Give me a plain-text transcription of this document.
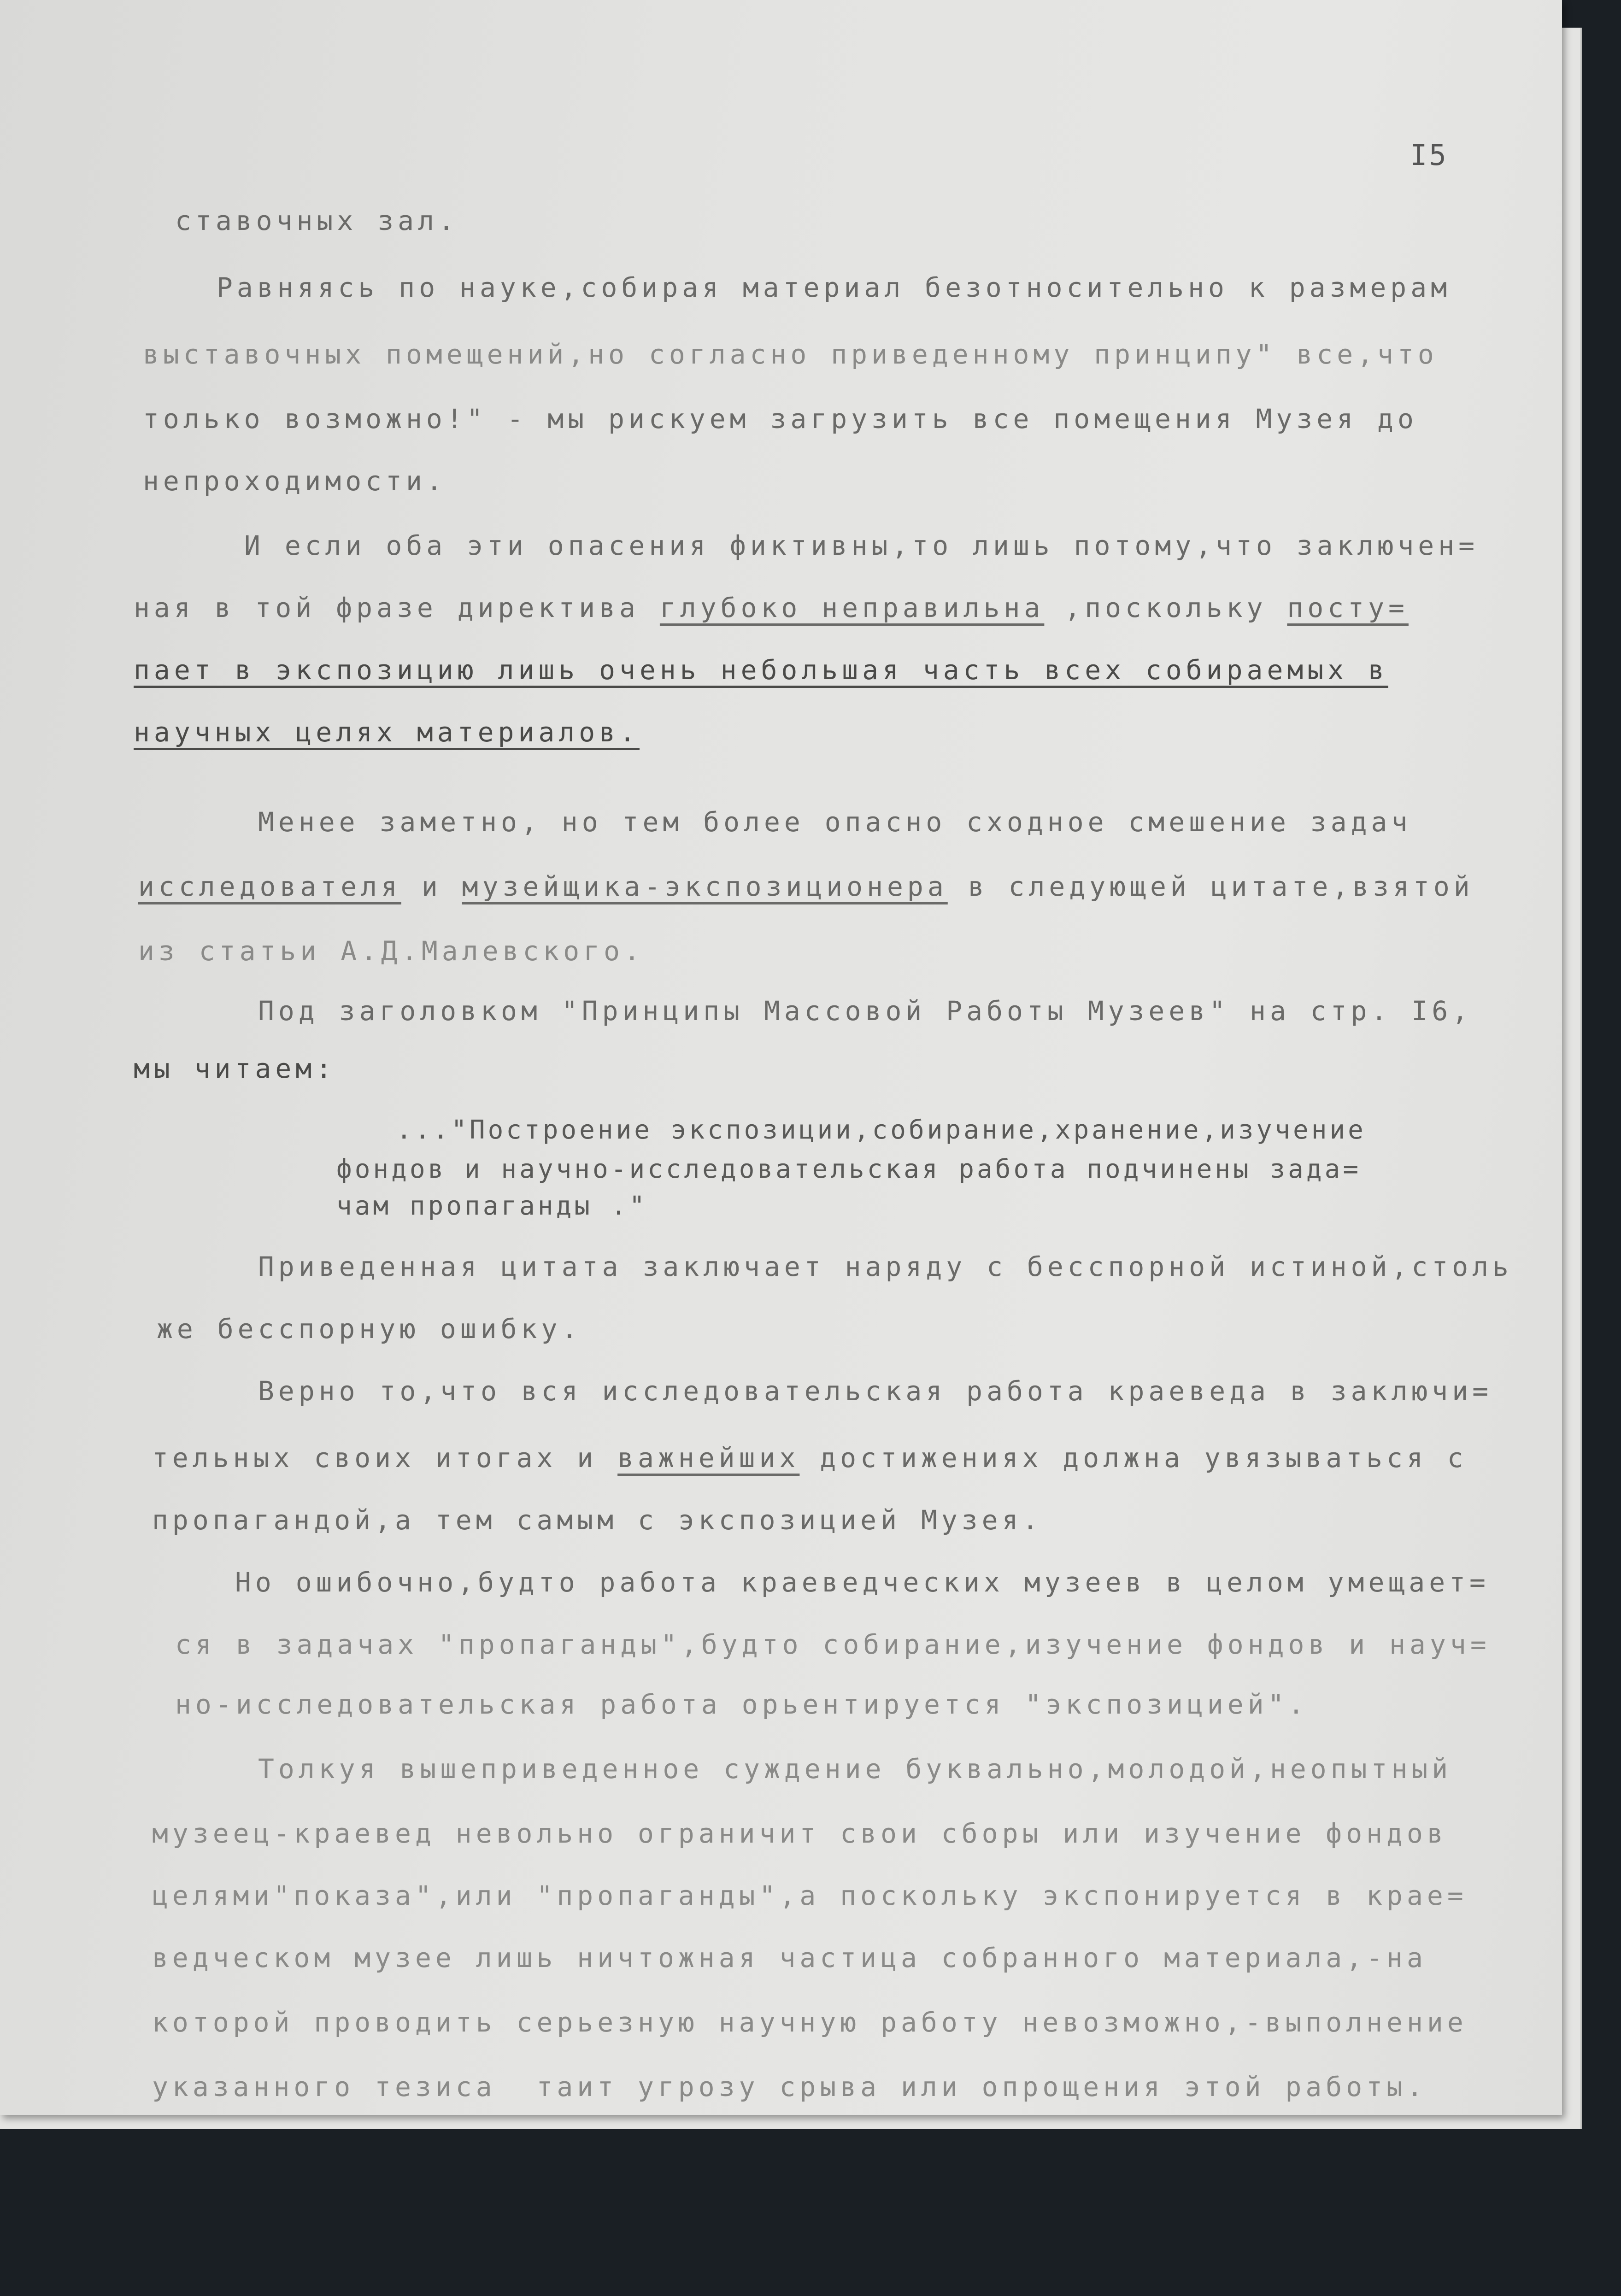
I5
ставочных зал.
Равняясь по науке,собирая материал безотносительно к размерам
выставочных помещений,но согласно приведенному принципу" все,что
только возможно!" - мы рискуем загрузить все помещения Музея до
непроходимости.
И если оба эти опасения фиктивны,то лишь потому,что заключен=
ная в той фразе директива глубоко неправильна ,поскольку посту=
пает в экспозицию лишь очень небольшая часть всех собираемых в
научных целях материалов.
Менее заметно, но тем более опасно сходное смешение задач
исследователя и музейщика-экспозиционера в следующей цитате,взятой
из статьи А.Д.Малевского.
Под заголовком "Принципы Массовой Работы Музеев" на стр. I6,
мы читаем:
..."Построение экспозиции,собирание,хранение,изучение
фондов и научно-исследовательская работа подчинены зада=
чам пропаганды ."
Приведенная цитата заключает наряду с бесспорной истиной,столь
же бесспорную ошибку.
Верно то,что вся исследовательская работа краеведа в заключи=
тельных своих итогах и важнейших достижениях должна увязываться с
пропагандой,а тем самым с экспозицией Музея.
Но ошибочно,будто работа краеведческих музеев в целом умещает=
ся в задачах "пропаганды",будто собирание,изучение фондов и науч=
но-исследовательская работа орьентируется "экспозицией".
Толкуя вышеприведенное суждение буквально,молодой,неопытный
музеец-краевед невольно ограничит свои сборы или изучение фондов
целями"показа",или "пропаганды",а поскольку экспонируется в крае=
ведческом музее лишь ничтожная частица собранного материала,-на
которой проводить серьезную научную работу невозможно,-выполнение
указанного тезиса  таит угрозу срыва или опрощения этой работы.
